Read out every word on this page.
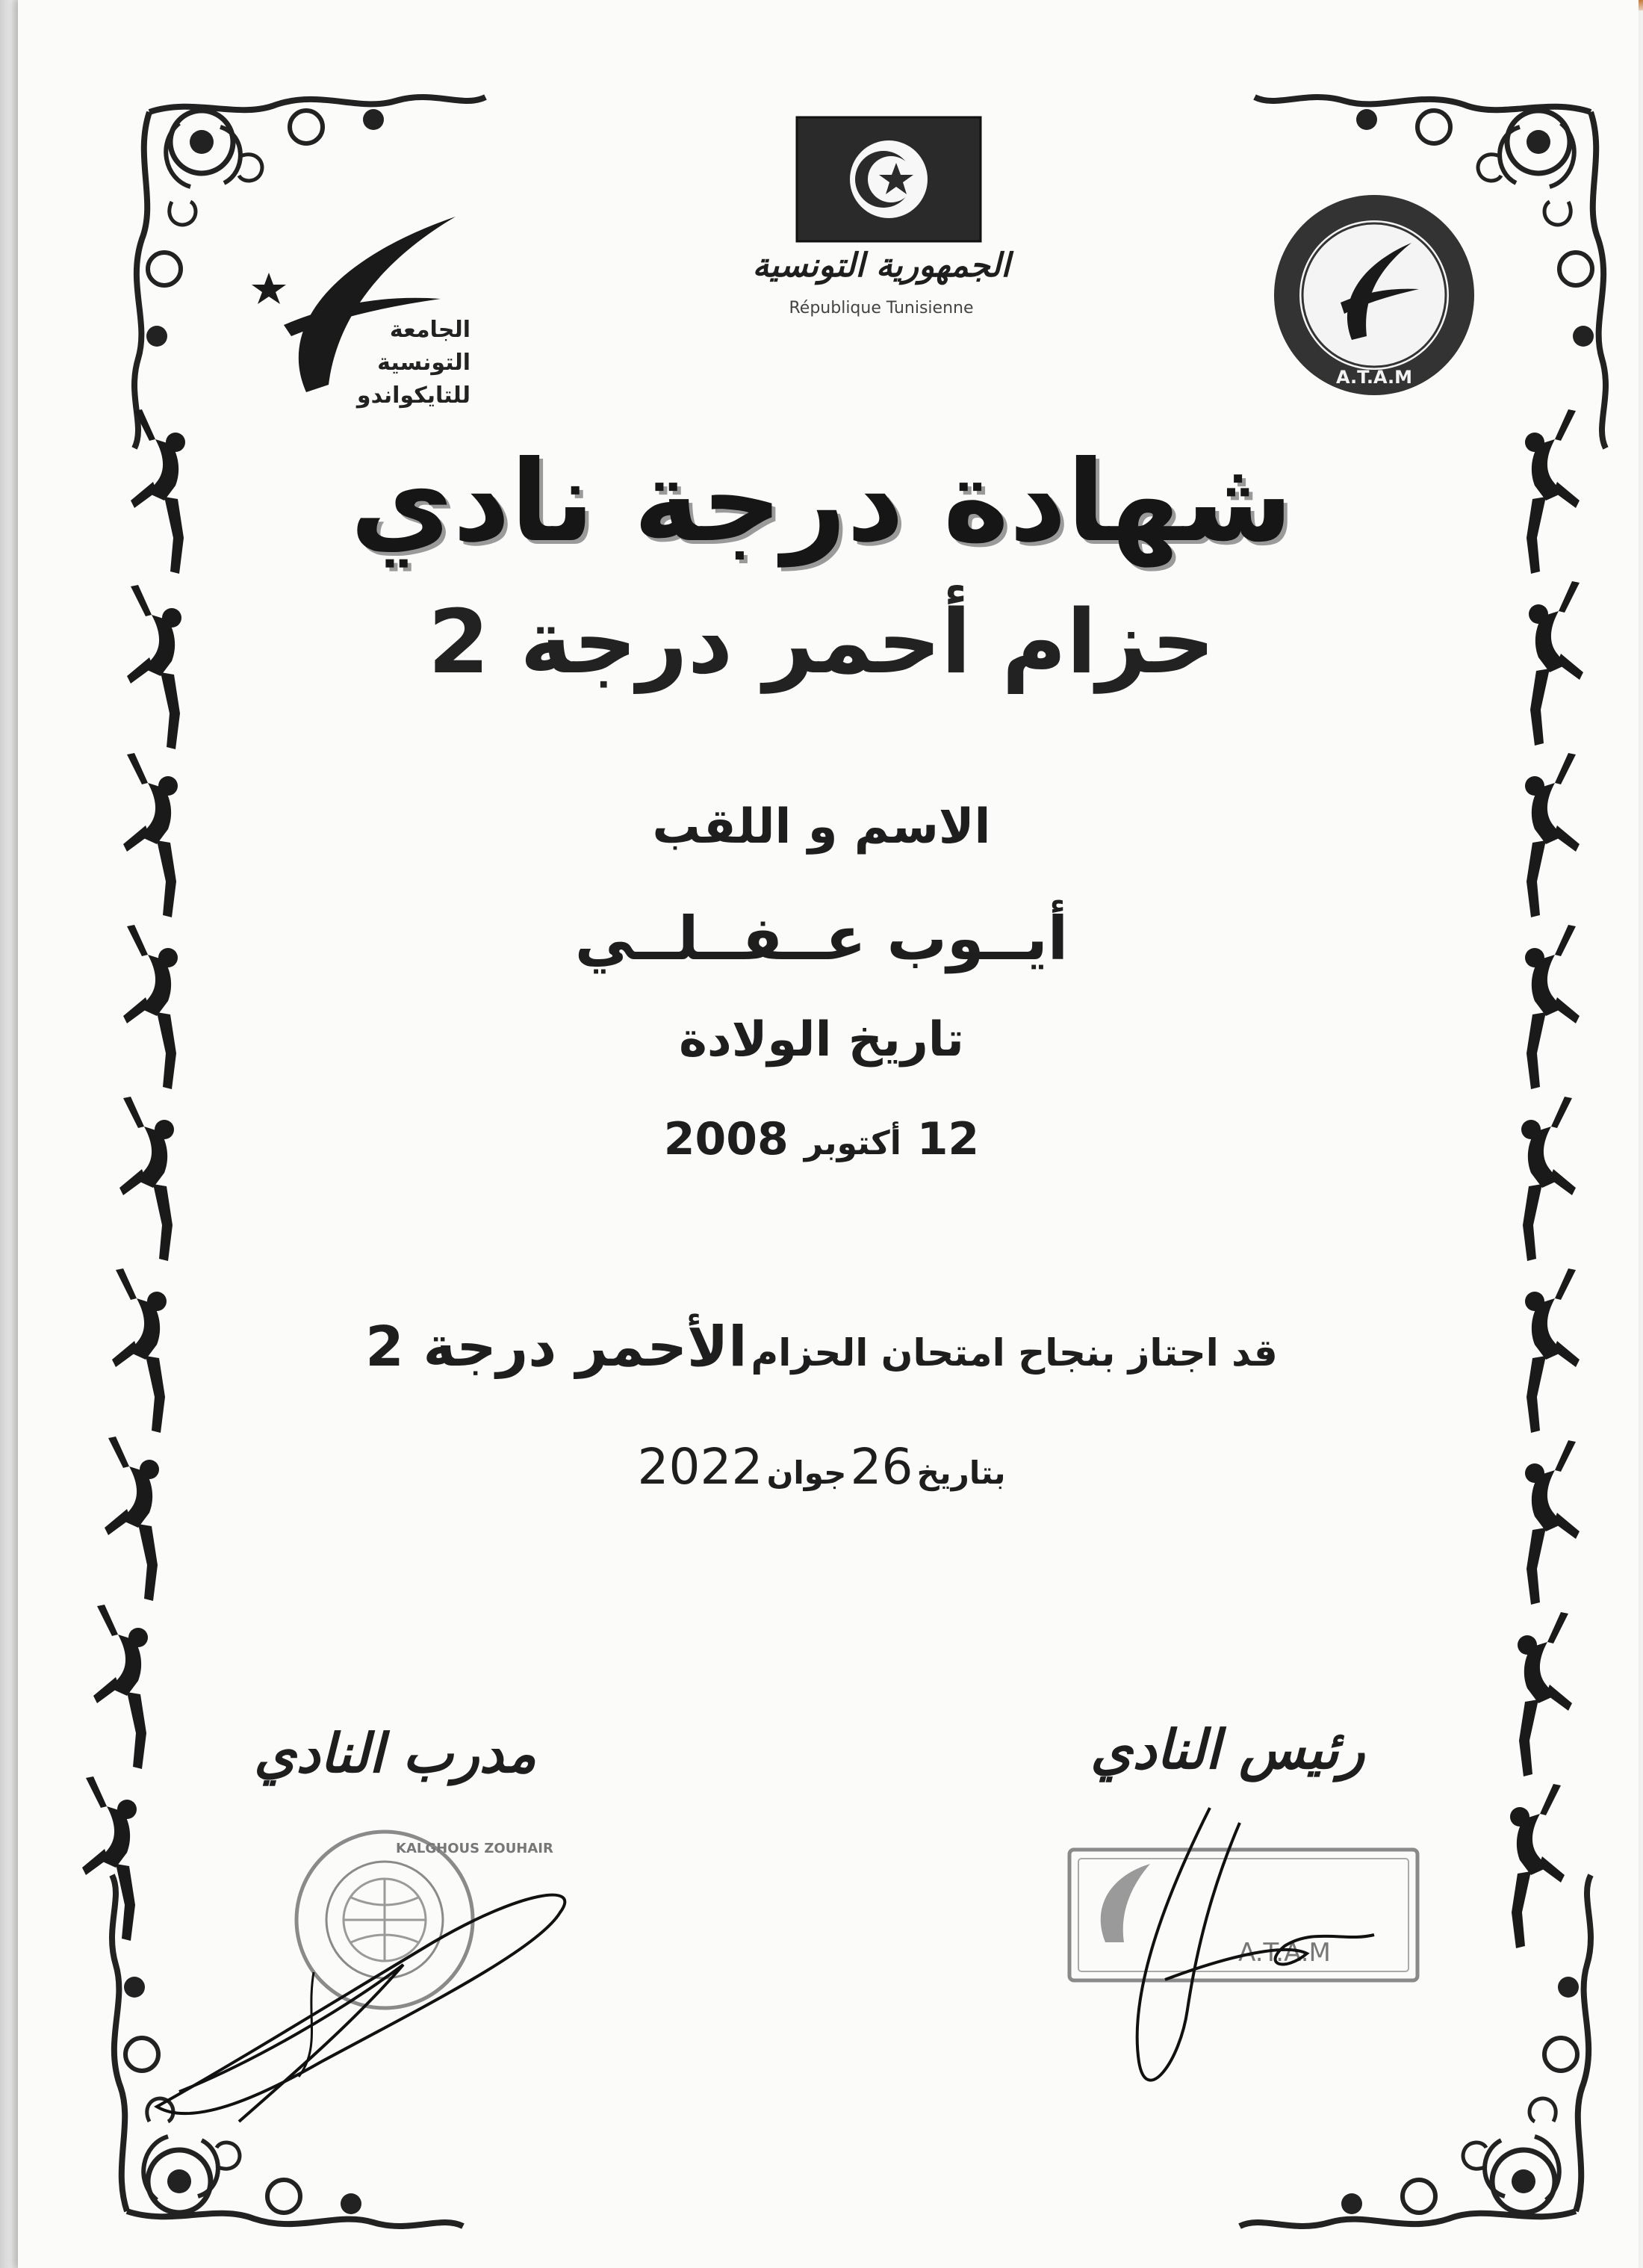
الجامعة
التونسية
للتايكواندو
الجمهورية التونسية
République Tunisienne
A.T.A.M
شهادة درجة نادي
حزام أحمر درجة 2
الاسم و اللقب
أيــوب عــفــلــي
تاريخ الولادة
12 أكتوبر 2008
قد اجتاز بنجاح امتحان الحزام الأحمر درجة 2
بتاريخ 26 جوان 2022
مدرب النادي	رئيس النادي
KALGHOUS ZOUHAIR
A.T.A.M
